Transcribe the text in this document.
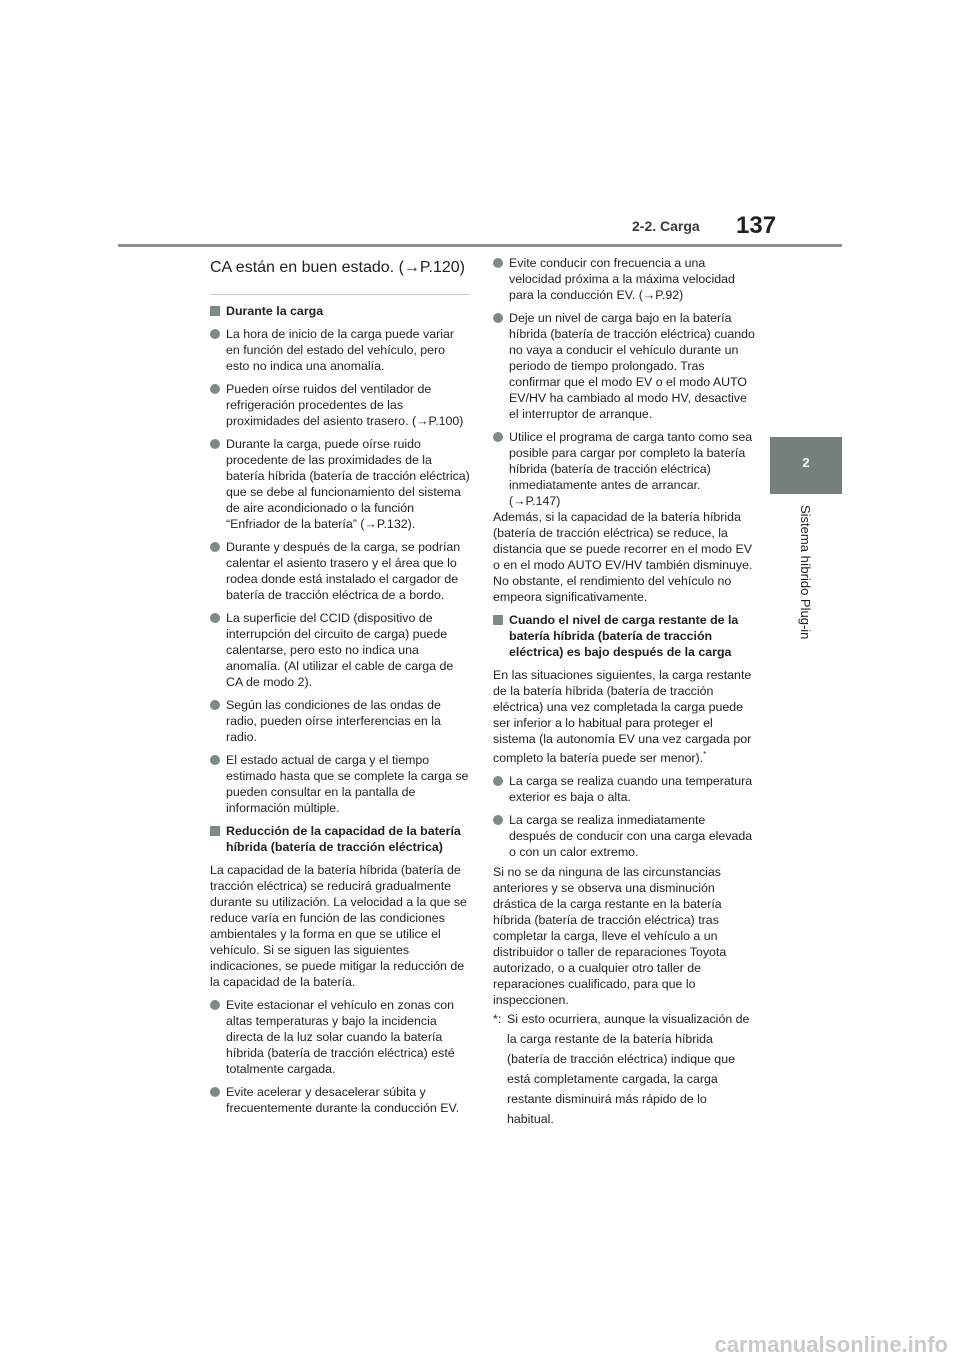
2-2. Carga 137
2
Sistema híbrido Plug-in

CA están en buen estado. (→P.120)

Durante la carga
La hora de inicio de la carga puede variar en función del estado del vehículo, pero esto no indica una anomalía.
Pueden oírse ruidos del ventilador de refrigeración procedentes de las proximidades del asiento trasero. (→P.100)
Durante la carga, puede oírse ruido procedente de las proximidades de la batería híbrida (batería de tracción eléctrica) que se debe al funcionamiento del sistema de aire acondicionado o la función “Enfriador de la batería” (→P.132).
Durante y después de la carga, se podrían calentar el asiento trasero y el área que lo rodea donde está instalado el cargador de batería de tracción eléctrica de a bordo.
La superficie del CCID (dispositivo de interrupción del circuito de carga) puede calentarse, pero esto no indica una anomalía. (Al utilizar el cable de carga de CA de modo 2).
Según las condiciones de las ondas de radio, pueden oírse interferencias en la radio.
El estado actual de carga y el tiempo estimado hasta que se complete la carga se pueden consultar en la pantalla de información múltiple.
Reducción de la capacidad de la batería híbrida (batería de tracción eléctrica)

La capacidad de la batería híbrida (batería de tracción eléctrica) se reducirá gradualmente durante su utilización. La velocidad a la que se reduce varía en función de las condiciones ambientales y la forma en que se utilice el vehículo. Si se siguen las siguientes indicaciones, se puede mitigar la reducción de la capacidad de la batería.

Evite estacionar el vehículo en zonas con altas temperaturas y bajo la incidencia directa de la luz solar cuando la batería híbrida (batería de tracción eléctrica) esté totalmente cargada.
Evite acelerar y desacelerar súbita y frecuentemente durante la conducción EV.
Evite conducir con frecuencia a una velocidad próxima a la máxima velocidad para la conducción EV. (→P.92)
Deje un nivel de carga bajo en la batería híbrida (batería de tracción eléctrica) cuando no vaya a conducir el vehículo durante un periodo de tiempo prolongado. Tras confirmar que el modo EV o el modo AUTO EV/HV ha cambiado al modo HV, desactive el interruptor de arranque.
Utilice el programa de carga tanto como sea posible para cargar por completo la batería híbrida (batería de tracción eléctrica) inmediatamente antes de arrancar. (→P.147)

Además, si la capacidad de la batería híbrida (batería de tracción eléctrica) se reduce, la distancia que se puede recorrer en el modo EV o en el modo AUTO EV/HV también disminuye. No obstante, el rendimiento del vehículo no empeora significativamente.

Cuando el nivel de carga restante de la batería híbrida (batería de tracción eléctrica) es bajo después de la carga

En las situaciones siguientes, la carga restante de la batería híbrida (batería de tracción eléctrica) una vez completada la carga puede ser inferior a lo habitual para proteger el sistema (la autonomía EV una vez cargada por completo la batería puede ser menor).*

La carga se realiza cuando una temperatura exterior es baja o alta.
La carga se realiza inmediatamente después de conducir con una carga elevada o con un calor extremo.

Si no se da ninguna de las circunstancias anteriores y se observa una disminución drástica de la carga restante en la batería híbrida (batería de tracción eléctrica) tras completar la carga, lleve el vehículo a un distribuidor o taller de reparaciones Toyota autorizado, o a cualquier otro taller de reparaciones cualificado, para que lo inspeccionen.

*: Si esto ocurriera, aunque la visualización de la carga restante de la batería híbrida (batería de tracción eléctrica) indique que está completamente cargada, la carga restante disminuirá más rápido de lo habitual.
carmanualsonline.info
